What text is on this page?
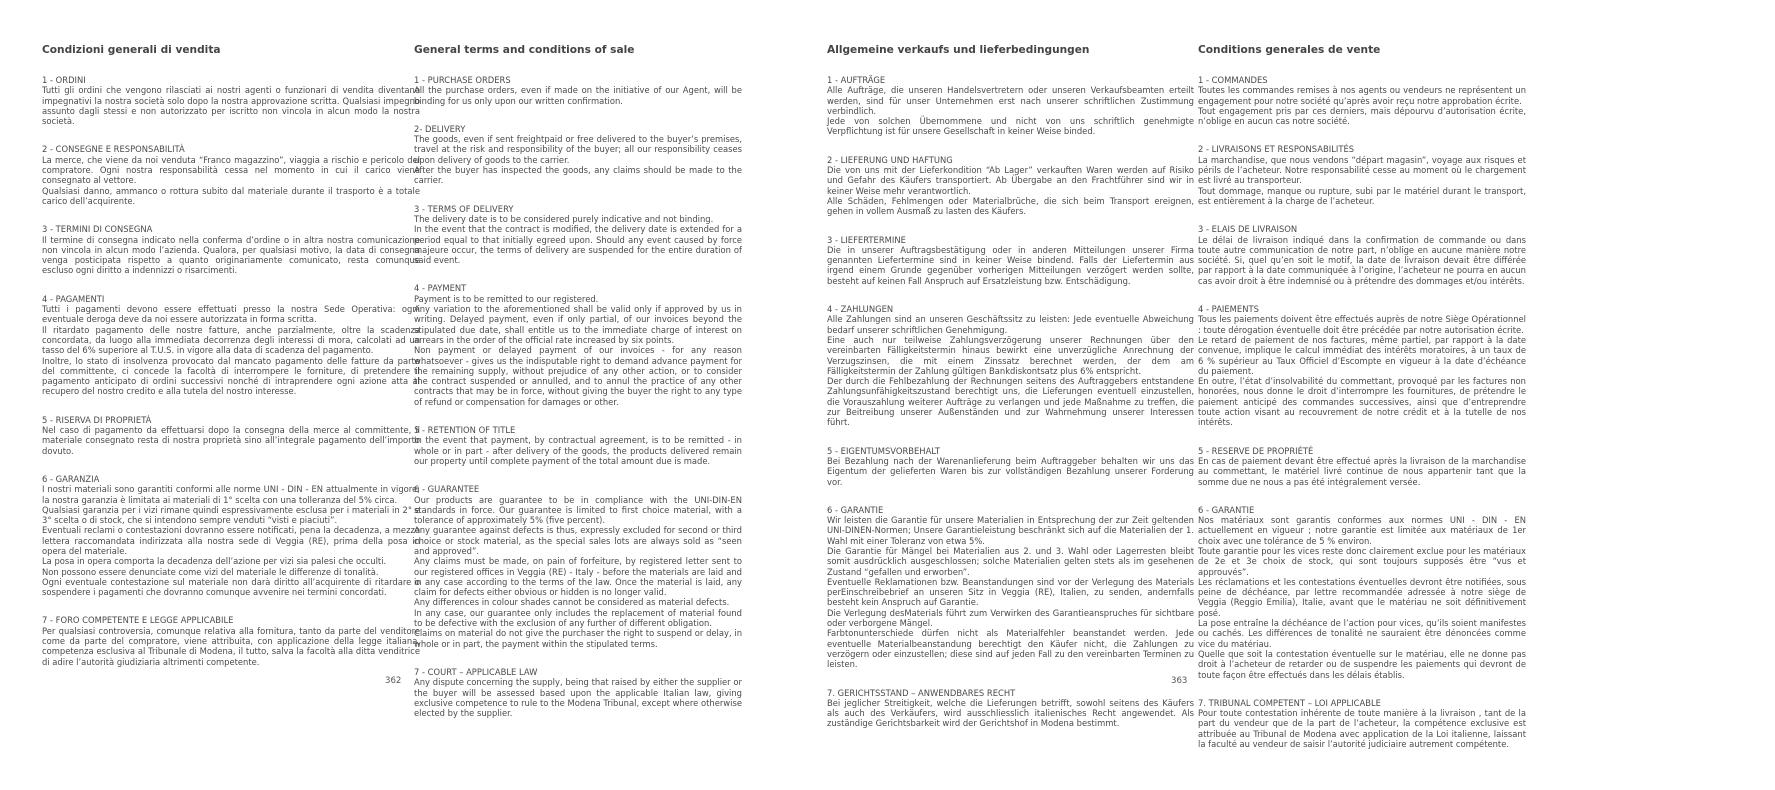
Condizioni generali di vendita
1 - ORDINI

Tutti gli ordini che vengono rilasciati ai nostri agenti o funzionari di vendita diventano impegnativi la nostra società solo dopo la nostra approvazione scritta. Qualsiasi impegno assunto dagli stessi e non autorizzato per iscritto non vincola in alcun modo la nostra società.

2 - CONSEGNE E RESPONSABILITÀ

La merce, che viene da noi venduta “Franco magazzino”, viaggia a rischio e pericolo del compratore. Ogni nostra responsabilità cessa nel momento in cui il carico viene consegnato al vettore.

Qualsiasi danno, ammanco o rottura subito dal materiale durante il trasporto è a totale carico dell’acquirente.

3 - TERMINI DI CONSEGNA

Il termine di consegna indicato nella conferma d’ordine o in altra nostra comunicazione non vincola in alcun modo l’azienda. Qualora, per qualsiasi motivo, la data di consegna venga posticipata rispetto a quanto originariamente comunicato, resta comunque escluso ogni diritto a indennizzi o risarcimenti.

4 - PAGAMENTI

Tutti i pagamenti devono essere effettuati presso la nostra Sede Operativa: ogni eventuale deroga deve da noi essere autorizzata in forma scritta.

Il ritardato pagamento delle nostre fatture, anche parzialmente, oltre la scadenza concordata, da luogo alla immediata decorrenza degli interessi di mora, calcolati ad un tasso del 6% superiore al T.U.S. in vigore alla data di scadenza del pagamento.

Inoltre, lo stato di insolvenza provocato dal mancato pagamento delle fatture da parte del committente, ci concede la facoltà di interrompere le forniture, di pretendere il pagamento anticipato di ordini successivi nonché di intraprendere ogni azione atta al recupero del nostro credito e alla tutela del nostro interesse.

5 - RISERVA DI PROPRIETÀ

Nel caso di pagamento da effettuarsi dopo la consegna della merce al committente, il materiale consegnato resta di nostra proprietà sino all’integrale pagamento dell’importo dovuto.

6 - GARANZIA

I nostri materiali sono garantiti conformi alle norme UNI - DIN - EN attualmente in vigore; la nostra garanzia è limitata ai materiali di 1° scelta con una tolleranza del 5% circa.

Qualsiasi garanzia per i vizi rimane quindi espressivamente esclusa per i materiali in 2° e 3° scelta o di stock, che si intendono sempre venduti “visti e piaciuti”.

Eventuali reclami o contestazioni dovranno essere notificati, pena la decadenza, a mezzo lettera raccomandata indirizzata alla nostra sede di Veggia (RE), prima della posa in opera del materiale.

La posa in opera comporta la decadenza dell’azione per vizi sia palesi che occulti.

Non possono essere denunciate come vizi del materiale le differenze di tonalità.

Ogni eventuale contestazione sul materiale non darà diritto all’acquirente di ritardare o sospendere i pagamenti che dovranno comunque avvenire nei termini concordati.

7 - FORO COMPETENTE E LEGGE APPLICABILE

Per qualsiasi controversia, comunque relativa alla fornitura, tanto da parte del venditore come da parte del compratore, viene attribuita, con applicazione della legge italiana, competenza esclusiva al Tribunale di Modena, il tutto, salva la facoltà alla ditta venditrice di adire l’autorità giudiziaria altrimenti competente.

General terms and conditions of sale
1 - PURCHASE ORDERS

All the purchase orders, even if made on the initiative of our Agent, will be binding for us only upon our written confirmation.

2- DELIVERY

The goods, even if sent freightpaid or free delivered to the buyer’s premises, travel at the risk and responsibility of the buyer; all our responsibility ceases upon delivery of goods to the carrier.

After the buyer has inspected the goods, any claims should be made to the carrier.

3 - TERMS OF DELIVERY

The delivery date is to be considered purely indicative and not binding.

In the event that the contract is modified, the delivery date is extended for a period equal to that initially egreed upon. Should any event caused by force majeure occur, the terms of delivery are suspended for the entire duration of said event.

4 - PAYMENT

Payment is to be remitted to our registered.

Any variation to the aforementioned shall be valid only if approved by us in writing. Delayed payment, even if only partial, of our invoices beyond the stipulated due date, shall entitle us to the immediate charge of interest on arrears in the order of the official rate increased by six points.

Non payment or delayed payment of our invoices - for any reason whatsoever - gives us the indisputable right to demand advance payment for the remaining supply, without prejudice of any other action, or to consider the contract suspended or annulled, and to annul the practice of any other contracts that may be in force, without giving the buyer the right to any type of refund or compensation for damages or other.

5 - RETENTION OF TITLE

In the event that payment, by contractual agreement, is to be remitted - in whole or in part - after delivery of the goods, the products delivered remain our property until complete payment of the total amount due is made.

6 - GUARANTEE

Our products are guarantee to be in compliance with the UNI-DIN-EN standards in force. Our guarantee is limited to first choice material, with a tolerance of approximately 5% (five percent).

Any guarantee against defects is thus, expressly excluded for second or third choice or stock material, as the special sales lots are always sold as “seen and approved”.

Any claims must be made, on pain of forfeiture, by registered letter sent to our registered offices in Veggia (RE) - Italy - before the materials are laid and in any case according to the terms of the law. Once the material is laid, any claim for defects either obvious or hidden is no longer valid.

Any differences in colour shades cannot be considered as material defects.

In any case, our guarantee only includes the replacement of material found to be defective with the exclusion of any further of different obligation.

Claims on material do not give the purchaser the right to suspend or delay, in whole or in part, the payment within the stipulated terms.

7 - COURT – APPLICABLE LAW

Any dispute concerning the supply, being that raised by either the supplier or the buyer will be assessed based upon the applicable Italian law, giving exclusive competence to rule to the Modena Tribunal, except where otherwise elected by the supplier.

Allgemeine verkaufs und lieferbedingungen
1 - AUFTRÄGE

Alle Aufträge, die unseren Handelsvertretern oder unseren Verkaufsbeamten erteilt werden, sind für unser Unternehmen erst nach unserer schriftlichen Zustimmung verbindlich.

Jede von solchen Übernommene und nicht von uns schriftlich genehmigte Verpflichtung ist für unsere Gesellschaft in keiner Weise binded.

2 - LIEFERUNG UND HAFTUNG

Die von uns mit der Lieferkondition “Ab Lager” verkauften Waren werden auf Risiko und Gefahr des Käufers transportiert. Ab Übergabe an den Frachtführer sind wir in keiner Weise mehr verantwortlich.

Alle Schäden, Fehlmengen oder Materialbrüche, die sich beim Transport ereignen, gehen in vollem Ausmaß zu lasten des Käufers.

3 - LIEFERTERMINE

Die in unserer Auftragsbestätigung oder in anderen Mitteilungen unserer Firma genannten Liefertermine sind in keiner Weise bindend. Falls der Liefertermin aus irgend einem Grunde gegenüber vorherigen Mitteilungen verzögert werden sollte, besteht auf keinen Fall Anspruch auf Ersatzleistung bzw. Entschädigung.

4 - ZAHLUNGEN

Alle Zahlungen sind an unseren Geschäftssitz zu leisten: Jede eventuelle Abweichung bedarf unserer schriftlichen Genehmigung.

Eine auch nur teilweise Zahlungsverzögerung unserer Rechnungen über den vereinbarten Fälligkeitstermin hinaus bewirkt eine unverzügliche Anrechnung der Verzugszinsen, die mit einem Zinssatz berechnet werden, der dem am Fälligkeitstermin der Zahlung gültigen Bankdiskontsatz plus 6% entspricht.

Der durch die Fehlbezahlung der Rechnungen seitens des Auftraggebers entstandene Zahlungsunfähigkeitszustand berechtigt uns, die Lieferungen eventuell einzustellen, die Vorauszahlung weiterer Aufträge zu verlangen und jede Maßnahme zu treffen, die zur Beitreibung unserer Außenständen und zur Wahrnehmung unserer Interessen führt.

5 - EIGENTUMSVORBEHALT

Bei Bezahlung nach der Warenanlieferung beim Auftraggeber behalten wir uns das Eigentum der gelieferten Waren bis zur vollständigen Bezahlung unserer Forderung vor.

6 - GARANTIE

Wir leisten die Garantie für unsere Materialien in Entsprechung der zur Zeit geltenden UNI-DINEN-Normen; Unsere Garantieleistung beschränkt sich auf die Materialien der 1. Wahl mit einer Toleranz von etwa 5%.

Die Garantie für Mängel bei Materialien aus 2. und 3. Wahl oder Lagerresten bleibt somit ausdrücklich ausgeschlossen; solche Materialien gelten stets als im gesehenen Zustand “gefallen und erworben”.

Eventuelle Reklamationen bzw. Beanstandungen sind vor der Verlegung des Materials perEinschreibebrief an unseren Sitz in Veggia (RE), Italien, zu senden, andernfalls besteht kein Anspruch auf Garantie.

Die Verlegung desMaterials führt zum Verwirken des Garantieanspruches für sichtbare oder verborgene Mängel.

Farbtonunterschiede dürfen nicht als Materialfehler beanstandet werden. Jede eventuelle Materialbeanstandung berechtigt den Käufer nicht, die Zahlungen zu verzögern oder einzustellen; diese sind auf jeden Fall zu den vereinbarten Terminen zu leisten.

7. GERICHTSSTAND – ANWENDBARES RECHT

Bei jeglicher Streitigkeit, welche die Lieferungen betrifft, sowohl seitens des Käufers als auch des Verkäufers, wird ausschliesslich italienisches Recht angewendet. Als zuständige Gerichtsbarkeit wird der Gerichtshof in Modena bestimmt.

Conditions generales de vente
1 - COMMANDES

Toutes les commandes remises à nos agents ou vendeurs ne représentent un engagement pour notre société qu’après avoir reçu notre approbation écrite.

Tout engagement pris par ces derniers, mais dépourvu d’autorisation écrite, n’oblige en aucun cas notre société.

2 - LIVRAISONS ET RESPONSABILITÉS

La marchandise, que nous vendons “départ magasin”, voyage aux risques et périls de l’acheteur. Notre responsabilité cesse au moment où le chargement est livré au transporteur.

Tout dommage, manque ou rupture, subi par le matériel durant le transport, est entièrement à la charge de l’acheteur.

3 - ELAIS DE LIVRAISON

Le délai de livraison indiqué dans la confirmation de commande ou dans toute autre communication de notre part, n’oblige en aucune manière notre société. Si, quel qu’en soit le motif, la date de livraison devait être différée par rapport à la date communiquée à l’origine, l’acheteur ne pourra en aucun cas avoir droit à être indemnisé ou à prétendre des dommages et/ou intérêts.

4 - PAIEMENTS

Tous les paiements doivent être effectués auprès de notre Siège Opérationnel : toute dérogation éventuelle doit être précédée par notre autorisation écrite.

Le retard de paiement de nos factures, même partiel, par rapport à la date convenue, implique le calcul immédiat des intérêts moratoires, à un taux de 6 % supérieur au Taux Officiel d’Escompte en vigueur à la date d’échéance du paiement.

En outre, l’état d’insolvabilité du commettant, provoqué par les factures non honorées, nous donne le droit d’interrompre les fournitures, de prétendre le paiement anticipé des commandes successives, ainsi que d’entreprendre toute action visant au recouvrement de notre crédit et à la tutelle de nos intérêts.

5 - RESERVE DE PROPRIÉTÉ

En cas de paiement devant être effectué après la livraison de la marchandise au commettant, le matériel livré continue de nous appartenir tant que la somme due ne nous a pas été intégralement versée.

6 - GARANTIE

Nos matériaux sont garantis conformes aux normes UNI - DIN - EN actuellement en vigueur ; notre garantie est limitée aux matériaux de 1er choix avec une tolérance de 5 % environ.

Toute garantie pour les vices reste donc clairement exclue pour les matériaux de 2e et 3e choix de stock, qui sont toujours supposés être “vus et approuvés”.

Les réclamations et les contestations éventuelles devront être notifiées, sous peine de déchéance, par lettre recommandée adressée à notre siège de Veggia (Reggio Emilia), Italie, avant que le matériau ne soit définitivement posé.

La pose entraîne la déchéance de l’action pour vices, qu’ils soient manifestes ou cachés. Les différences de tonalité ne sauraient être dénoncées comme vice du matériau.

Quelle que soit la contestation éventuelle sur le matériau, elle ne donne pas droit à l’acheteur de retarder ou de suspendre les paiements qui devront de toute façon être effectués dans les délais établis.

7. TRIBUNAL COMPETENT – LOI APPLICABLE

Pour toute contestation inhérente de toute manière à la livraison , tant de la part du vendeur que de la part de l’acheteur, la compétence exclusive est attribuée au Tribunal de Modena avec application de la Loi italienne, laissant la faculté au vendeur de saisir l’autorité judiciaire autrement compétente.

362	363
